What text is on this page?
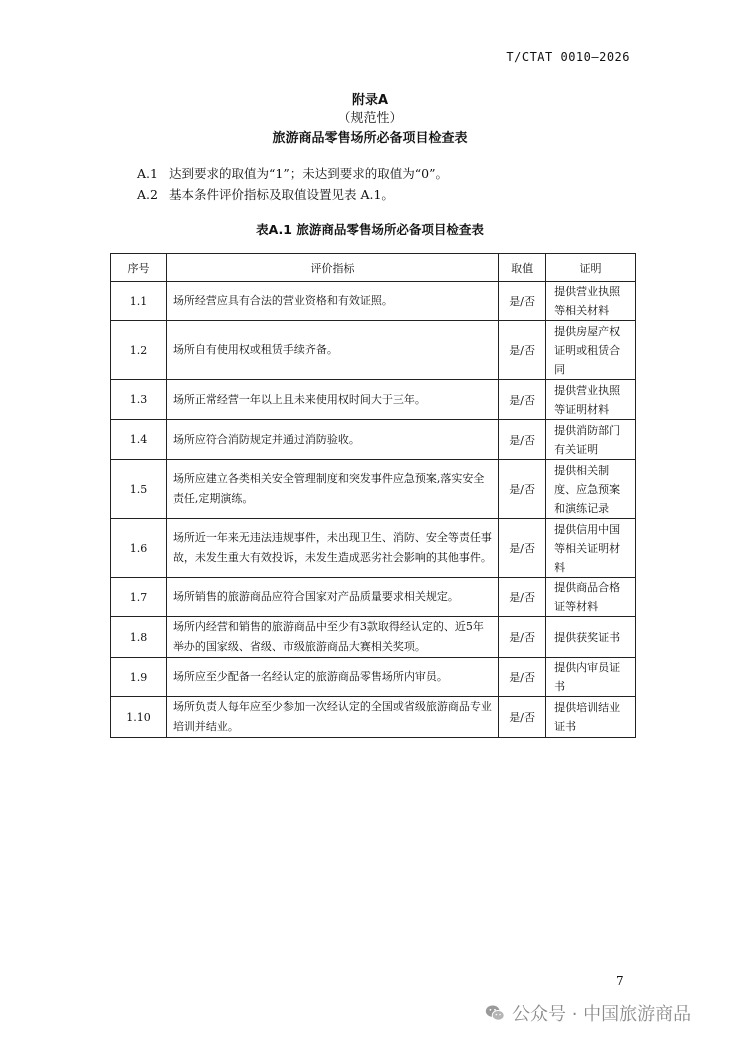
T/CTAT 0010—2026
附录A
（规范性）
旅游商品零售场所必备项目检查表
A.1 达到要求的取值为“1”；未达到要求的取值为“0”。
A.2 基本条件评价指标及取值设置见表 A.1。
表A.1 旅游商品零售场所必备项目检查表
序号	评价指标	取值	证明
1.1	场所经营应具有合法的营业资格和有效证照。	是/否	提供营业执照等相关材料
1.2	场所自有使用权或租赁手续齐备。	是/否	提供房屋产权证明或租赁合同
1.3	场所正常经营一年以上且未来使用权时间大于三年。	是/否	提供营业执照等证明材料
1.4	场所应符合消防规定并通过消防验收。	是/否	提供消防部门有关证明
1.5	场所应建立各类相关安全管理制度和突发事件应急预案,落实安全责任,定期演练。	是/否	提供相关制度、应急预案和演练记录
1.6	场所近一年来无违法违规事件，未出现卫生、消防、安全等责任事故，未发生重大有效投诉，未发生造成恶劣社会影响的其他事件。	是/否	提供信用中国等相关证明材料
1.7	场所销售的旅游商品应符合国家对产品质量要求相关规定。	是/否	提供商品合格证等材料
1.8	场所内经营和销售的旅游商品中至少有3款取得经认定的、近5年举办的国家级、省级、市级旅游商品大赛相关奖项。	是/否	提供获奖证书
1.9	场所应至少配备一名经认定的旅游商品零售场所内审员。	是/否	提供内审员证书
1.10	场所负责人每年应至少参加一次经认定的全国或省级旅游商品专业培训并结业。	是/否	提供培训结业证书
7
公众号 · 中国旅游商品
